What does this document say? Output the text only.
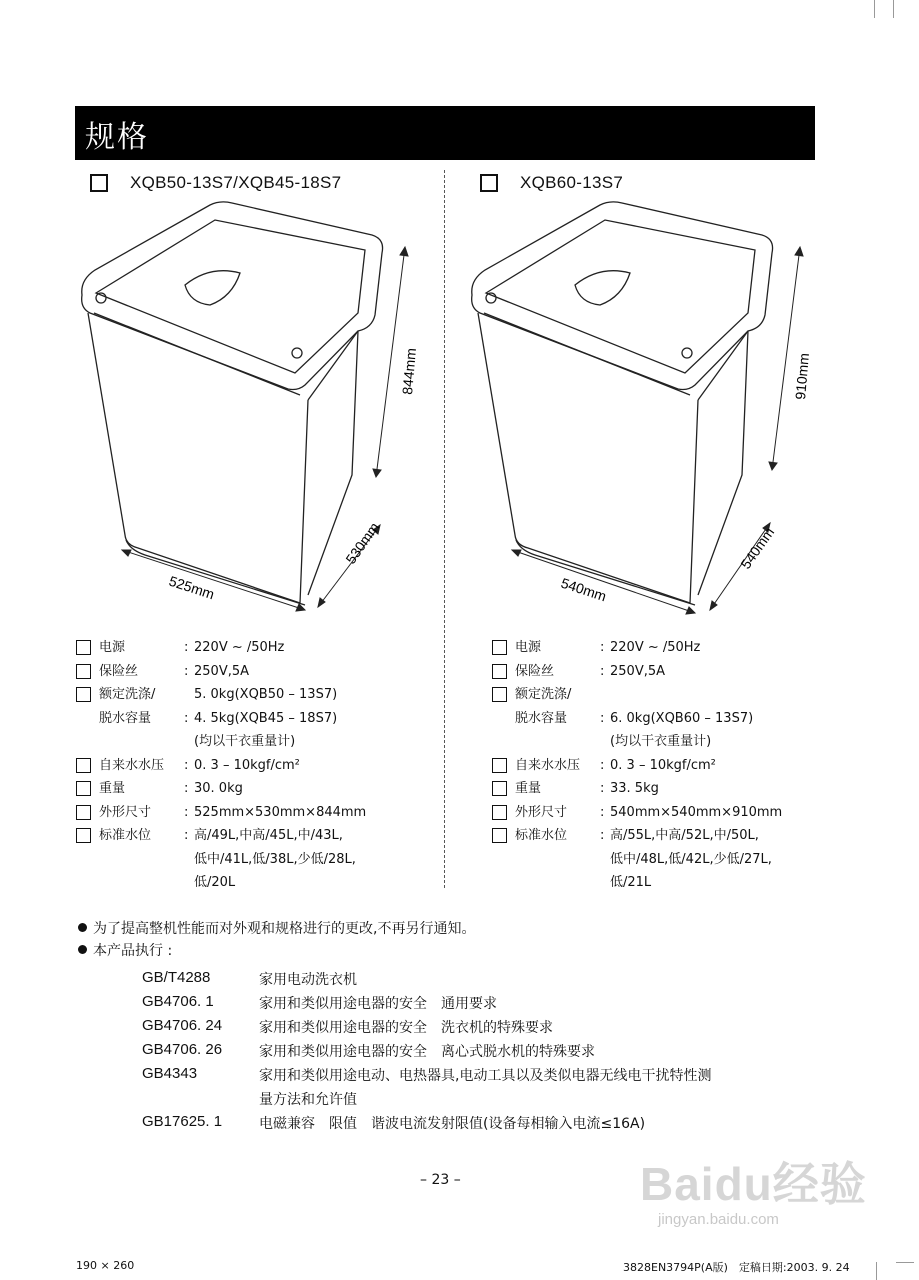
规格
XQB50-13S7/XQB45-18S7	XQB60-13S7
844mm
530mm
525mm
910mm
540mm
540mm
电源	: 220V ~ /50Hz
保险丝	: 250V,5A
额定洗涤/	5. 0kg(XQB50 – 13S7)
脱水容量	: 4. 5kg(XQB45 – 18S7)
(均以干衣重量计)
自来水水压 : 0. 3 – 10kgf/cm²
重量	: 30. 0kg
外形尺寸	: 525mm×530mm×844mm
标准水位	: 高/49L,中高/45L,中/43L,
低中/41L,低/38L,少低/28L,
低/20L
电源	: 220V ~ /50Hz
保险丝	: 250V,5A
额定洗涤/
脱水容量	: 6. 0kg(XQB60 – 13S7)
(均以干衣重量计)
自来水水压 : 0. 3 – 10kgf/cm²
重量	: 33. 5kg
外形尺寸	: 540mm×540mm×910mm
标准水位	: 高/55L,中高/52L,中/50L,
低中/48L,低/42L,少低/27L,
低/21L
为了提高整机性能而对外观和规格进行的更改,不再另行通知。
本产品执行 :
GB/T4288	家用电动洗衣机
GB4706. 1	家用和类似用途电器的安全　通用要求
GB4706. 24	家用和类似用途电器的安全　洗衣机的特殊要求
GB4706. 26	家用和类似用途电器的安全　离心式脱水机的特殊要求
GB4343	家用和类似用途电动、电热器具,电动工具以及类似电器无线电干扰特性测
量方法和允许值
GB17625. 1	电磁兼容　限值　谐波电流发射限值(设备每相输入电流≤16A)
– 23 –	Baidu经验
jingyan.baidu.com
190 × 260	3828EN3794P(A版)　定稿日期:2003. 9. 24
